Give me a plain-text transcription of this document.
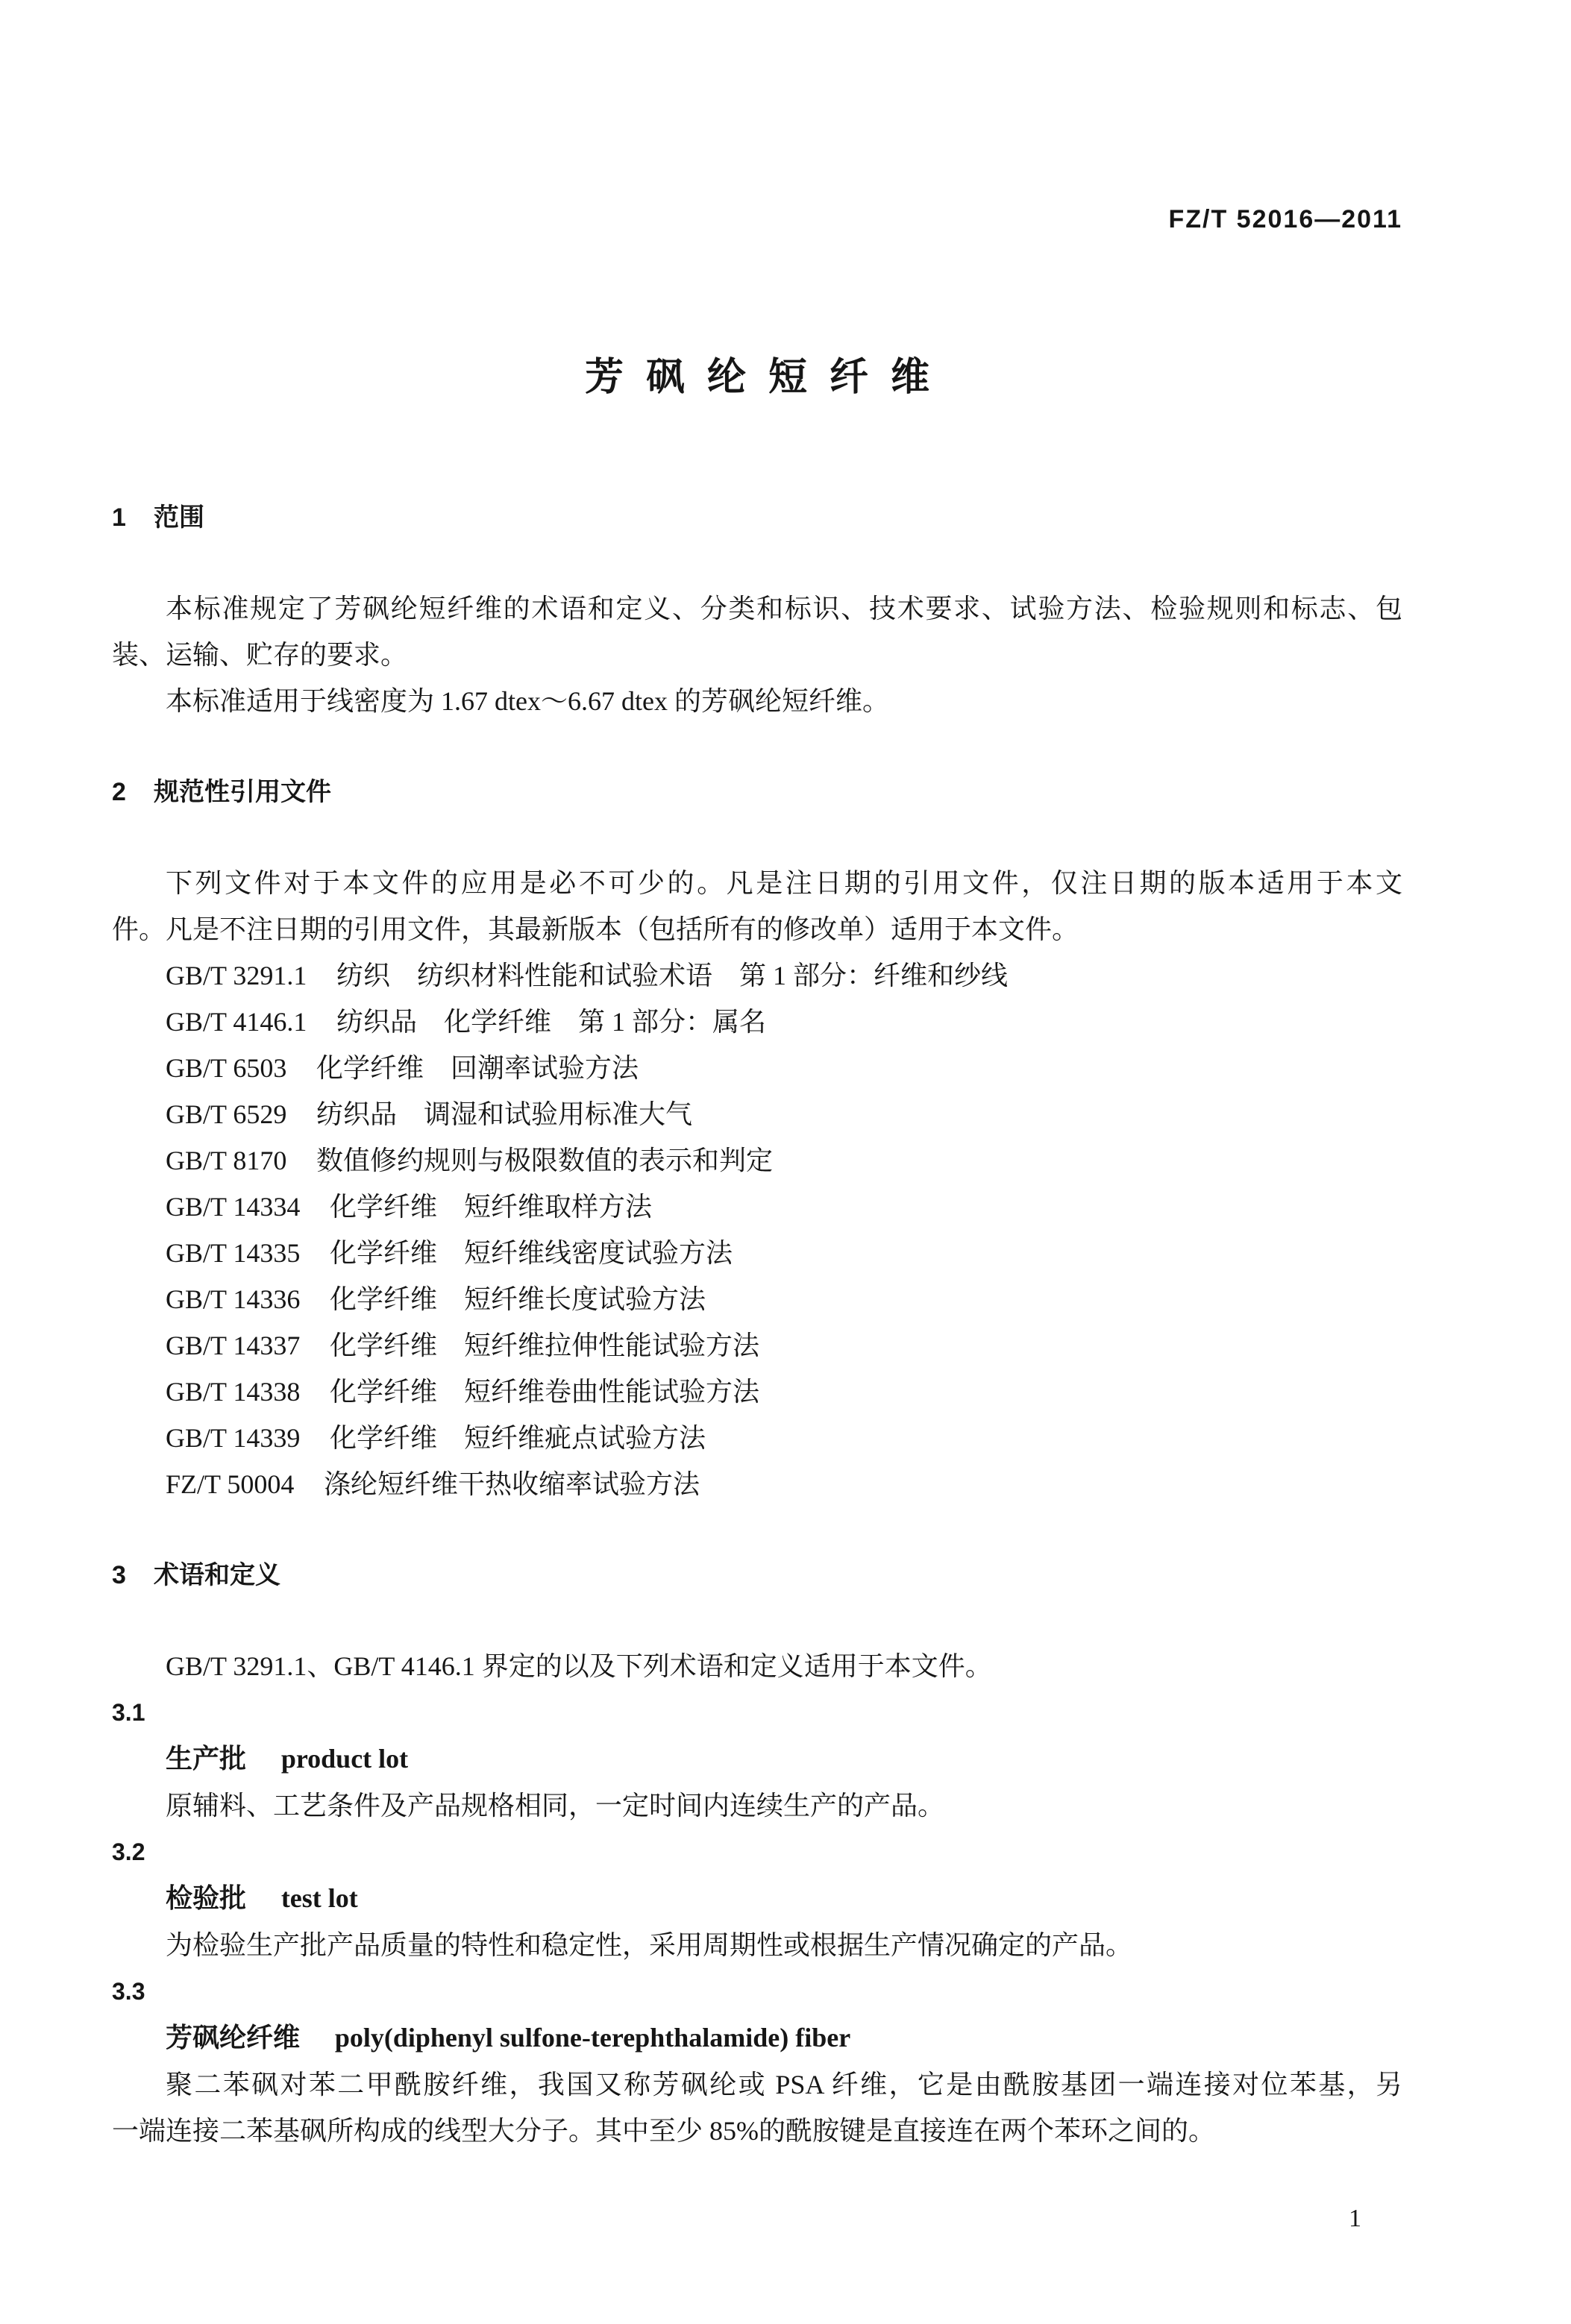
FZ/T 52016—2011
芳砜纶短纤维
1 范围
本标准规定了芳砜纶短纤维的术语和定义、分类和标识、技术要求、试验方法、检验规则和标志、包
装、运输、贮存的要求。
本标准适用于线密度为 1.67 dtex～6.67 dtex 的芳砜纶短纤维。
2 规范性引用文件
下列文件对于本文件的应用是必不可少的。凡是注日期的引用文件，仅注日期的版本适用于本文
件。凡是不注日期的引用文件，其最新版本（包括所有的修改单）适用于本文件。
GB/T 3291.1 纺织　纺织材料性能和试验术语　第 1 部分：纤维和纱线
GB/T 4146.1 纺织品　化学纤维　第 1 部分：属名
GB/T 6503 化学纤维　回潮率试验方法
GB/T 6529 纺织品　调湿和试验用标准大气
GB/T 8170 数值修约规则与极限数值的表示和判定
GB/T 14334 化学纤维　短纤维取样方法
GB/T 14335 化学纤维　短纤维线密度试验方法
GB/T 14336 化学纤维　短纤维长度试验方法
GB/T 14337 化学纤维　短纤维拉伸性能试验方法
GB/T 14338 化学纤维　短纤维卷曲性能试验方法
GB/T 14339 化学纤维　短纤维疵点试验方法
FZ/T 50004 涤纶短纤维干热收缩率试验方法
3 术语和定义
GB/T 3291.1、GB/T 4146.1 界定的以及下列术语和定义适用于本文件。
3.1
生产批 product lot
原辅料、工艺条件及产品规格相同，一定时间内连续生产的产品。
3.2
检验批 test lot
为检验生产批产品质量的特性和稳定性，采用周期性或根据生产情况确定的产品。
3.3
芳砜纶纤维 poly(diphenyl sulfone-terephthalamide) fiber
聚二苯砜对苯二甲酰胺纤维，我国又称芳砜纶或 PSA 纤维，它是由酰胺基团一端连接对位苯基，另
一端连接二苯基砜所构成的线型大分子。其中至少 85%的酰胺键是直接连在两个苯环之间的。
1
